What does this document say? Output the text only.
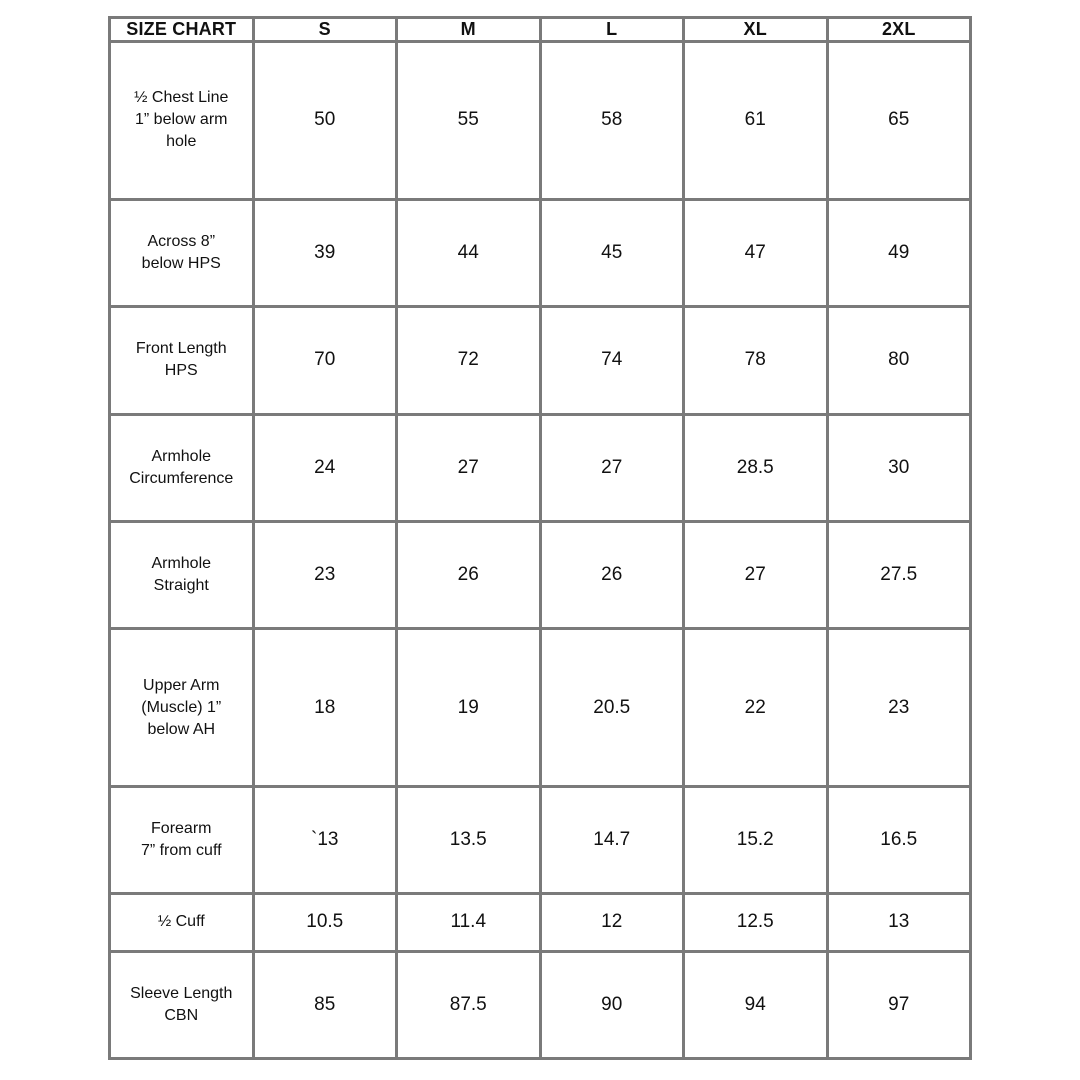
SIZE CHART	S	M	L	XL	2XL
½ Chest Line
1” below arm
hole	50	55	58	61	65
Across 8”
below HPS	39	44	45	47	49
Front Length
HPS	70	72	74	78	80
Armhole
Circumference	24	27	27	28.5	30
Armhole
Straight	23	26	26	27	27.5
Upper Arm
(Muscle) 1”
below AH	18	19	20.5	22	23
Forearm
7” from cuff	`13	13.5	14.7	15.2	16.5
½ Cuff	10.5	11.4	12	12.5	13
Sleeve Length
CBN	85	87.5	90	94	97
